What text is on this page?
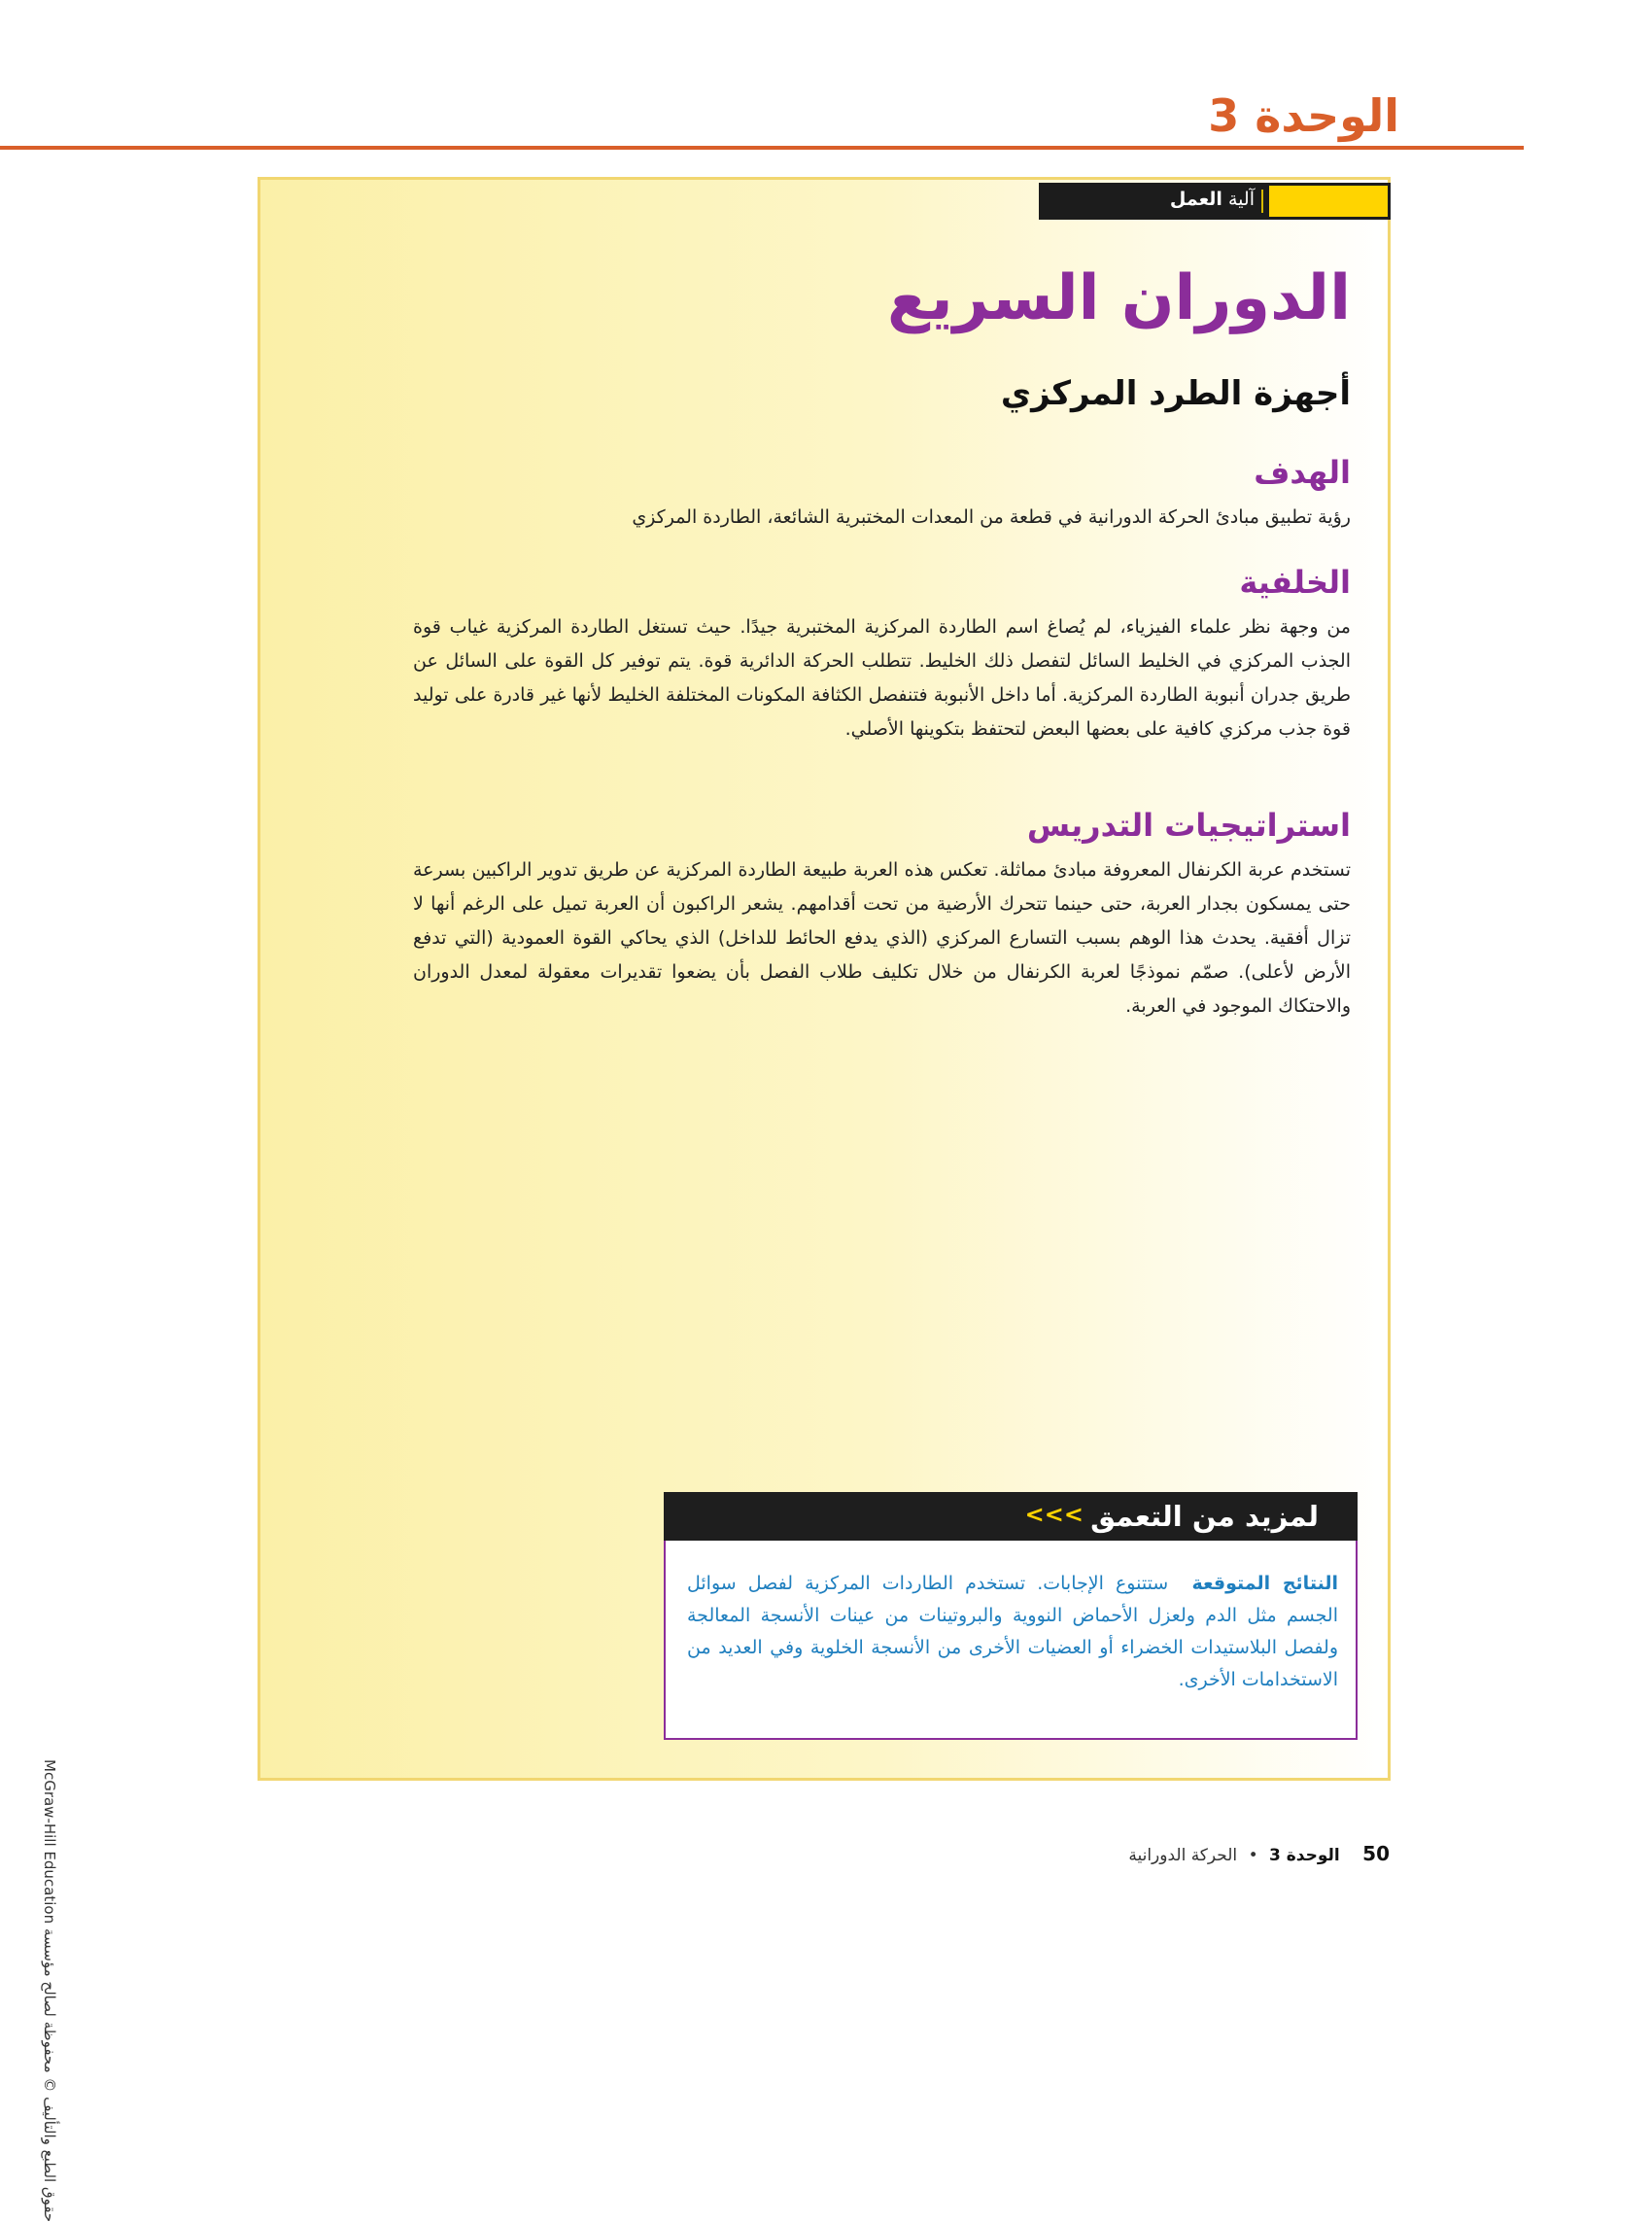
الوحدة 3
آلية العمل
الدوران السريع
أجهزة الطرد المركزي
الهدف

رؤية تطبيق مبادئ الحركة الدورانية في قطعة من المعدات المختبرية الشائعة، الطاردة المركزي

الخلفية

من وجهة نظر علماء الفيزياء، لم يُصاغ اسم الطاردة المركزية المختبرية جيدًا. حيث تستغل الطاردة المركزية غياب قوة الجذب المركزي في الخليط السائل لتفصل ذلك الخليط. تتطلب الحركة الدائرية قوة. يتم توفير كل القوة على السائل عن طريق جدران أنبوبة الطاردة المركزية. أما داخل الأنبوبة فتنفصل الكثافة المكونات المختلفة الخليط لأنها غير قادرة على توليد قوة جذب مركزي كافية على بعضها البعض لتحتفظ بتكوينها الأصلي.

استراتيجيات التدريس

تستخدم عربة الكرنفال المعروفة مبادئ مماثلة. تعكس هذه العربة طبيعة الطاردة المركزية عن طريق تدوير الراكبين بسرعة حتى يمسكون بجدار العربة، حتى حينما تتحرك الأرضية من تحت أقدامهم. يشعر الراكبون أن العربة تميل على الرغم أنها لا تزال أفقية. يحدث هذا الوهم بسبب التسارع المركزي (الذي يدفع الحائط للداخل) الذي يحاكي القوة العمودية (التي تدفع الأرض لأعلى). صمّم نموذجًا لعربة الكرنفال من خلال تكليف طلاب الفصل بأن يضعوا تقديرات معقولة لمعدل الدوران والاحتكاك الموجود في العربة.

لمزيد من التعمق
<<<

النتائج المتوقعة  ستتنوع الإجابات. تستخدم الطاردات المركزية لفصل سوائل الجسم مثل الدم ولعزل الأحماض النووية والبروتينات من عينات الأنسجة المعالجة ولفصل البلاستيدات الخضراء أو العضيات الأخرى من الأنسجة الخلوية وفي العديد من الاستخدامات الأخرى.

حقوق الطبع والتأليف © محفوظة لصالح مؤسسة McGraw-Hill Education	50 الوحدة 3 • الحركة الدورانية
